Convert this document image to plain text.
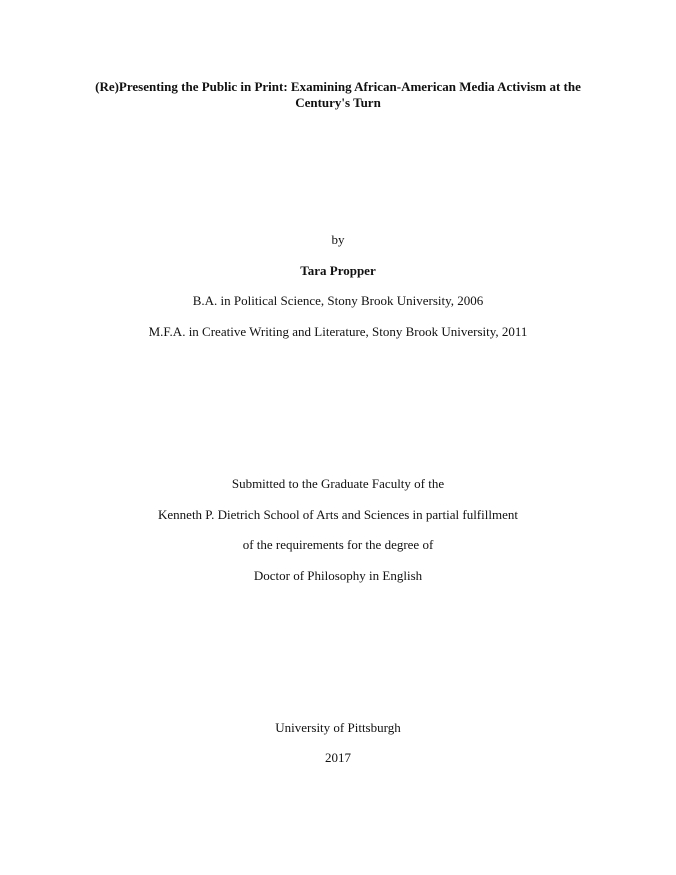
(Re)Presenting the Public in Print: Examining African-American Media Activism at the
Century's Turn
by
Tara Propper
B.A. in Political Science, Stony Brook University, 2006
M.F.A. in Creative Writing and Literature, Stony Brook University, 2011
Submitted to the Graduate Faculty of the
Kenneth P. Dietrich School of Arts and Sciences in partial fulfillment
of the requirements for the degree of
Doctor of Philosophy in English
University of Pittsburgh
2017
